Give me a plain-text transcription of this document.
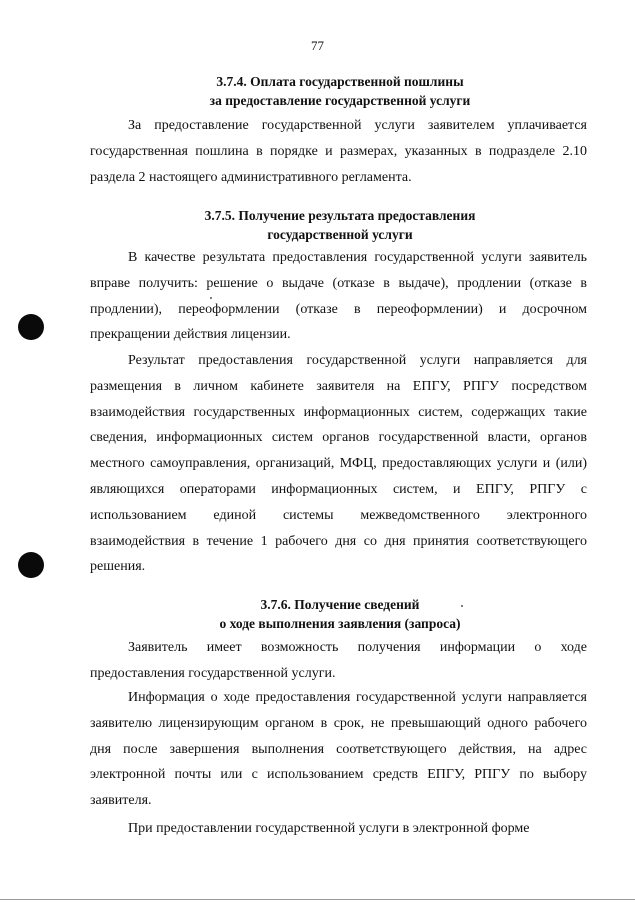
77
3.7.4. Оплата государственной пошлины
за предоставление государственной услуги

За предоставление государственной услуги заявителем уплачивается государственная пошлина в порядке и размерах, указанных в подразделе 2.10 раздела 2 настоящего административного регламента.

3.7.5. Получение результата предоставления
государственной услуги

В качестве результата предоставления государственной услуги заявитель вправе получить: решение о выдаче (отказе в выдаче), продлении (отказе в продлении), переоформлении (отказе в переоформлении) и досрочном прекращении действия лицензии.

Результат предоставления государственной услуги направляется для размещения в личном кабинете заявителя на ЕПГУ, РПГУ посредством взаимодействия государственных информационных систем, содержащих такие сведения, информационных систем органов государственной власти, органов местного самоуправления, организаций, МФЦ, предоставляющих услуги и (или) являющихся операторами информационных систем, и ЕПГУ, РПГУ с использованием единой системы межведомственного электронного взаимодействия в течение 1 рабочего дня со дня принятия соответствующего решения.

3.7.6. Получение сведений
о ходе выполнения заявления (запроса)

Заявитель имеет возможность получения информации о ходе предоставления государственной услуги.

Информация о ходе предоставления государственной услуги направляется заявителю лицензирующим органом в срок, не превышающий одного рабочего дня после завершения выполнения соответствующего действия, на адрес электронной почты или с использованием средств ЕПГУ, РПГУ по выбору заявителя.

При предоставлении государственной услуги в электронной форме
